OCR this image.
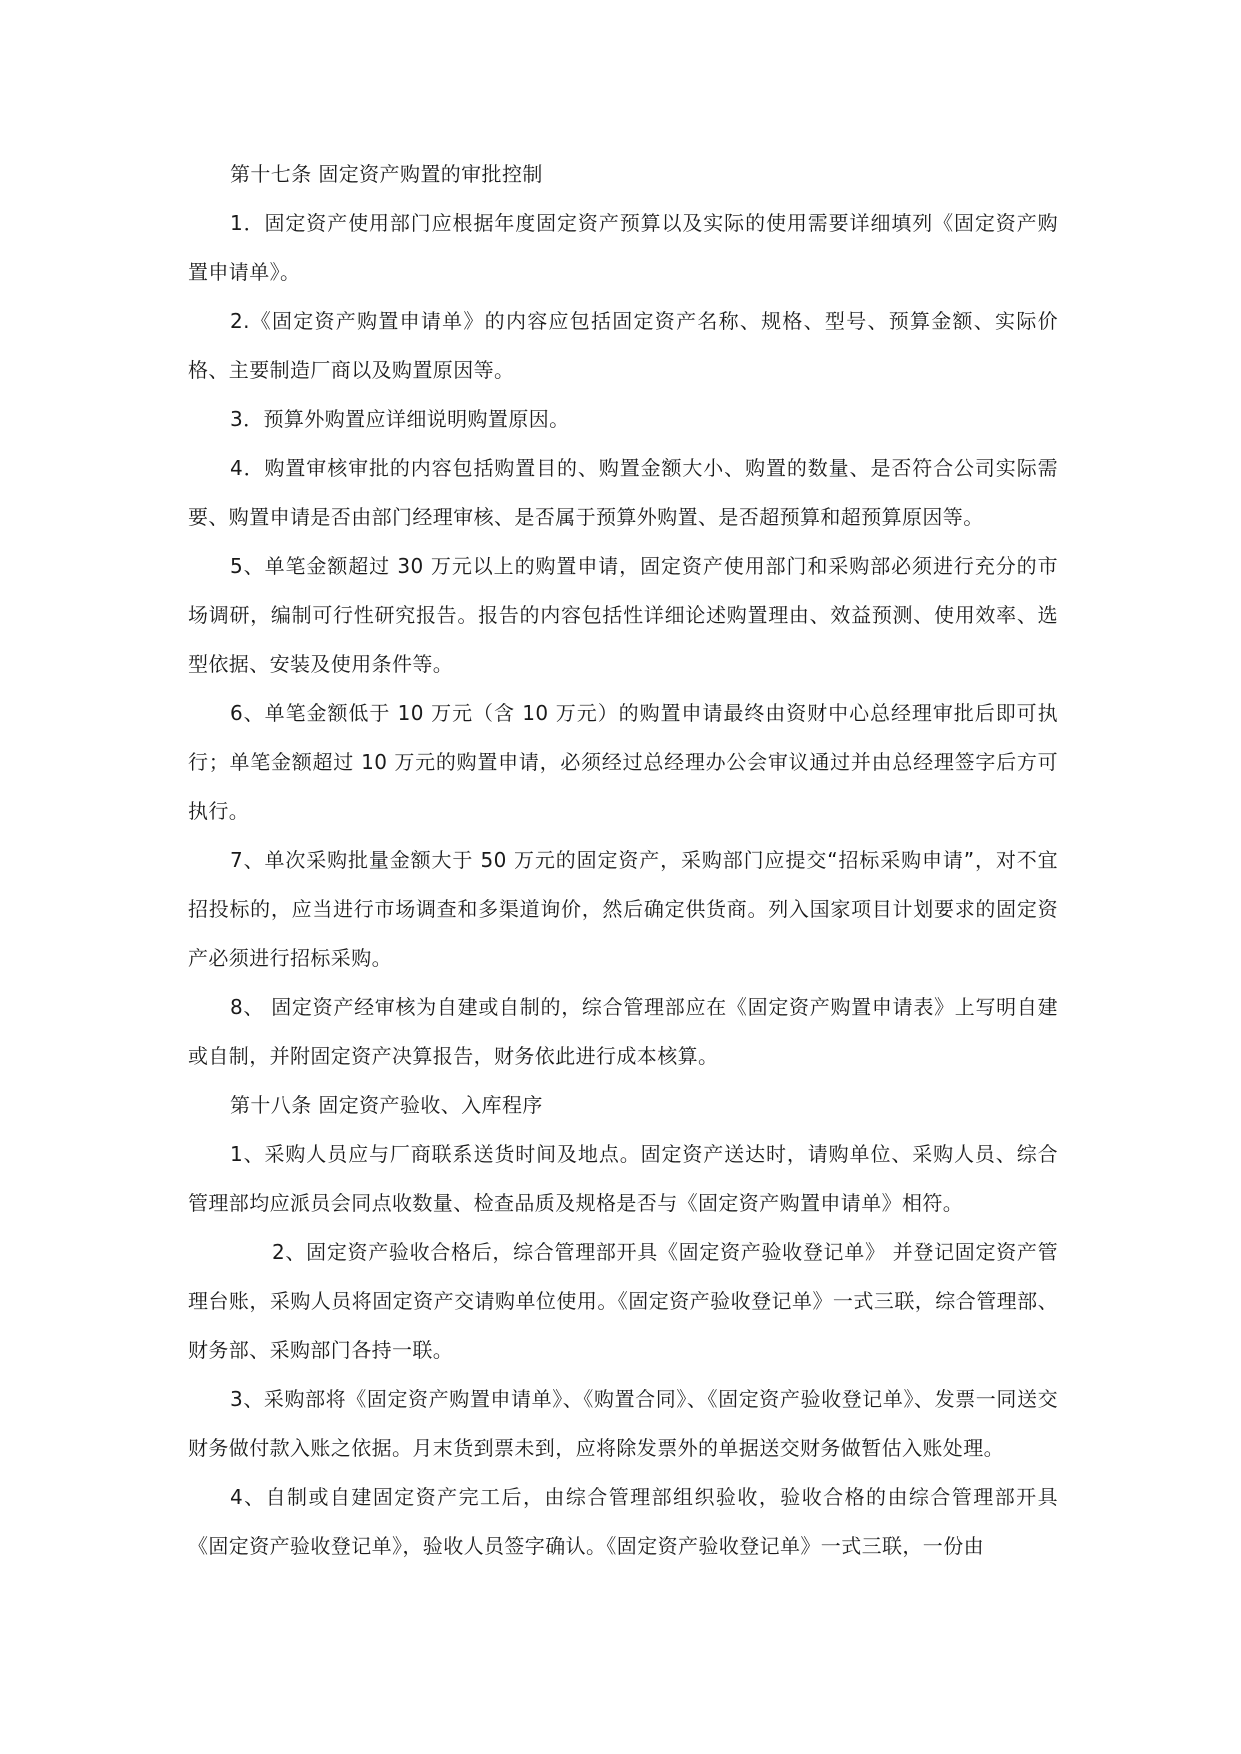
第十七条 固定资产购置的审批控制

1．固定资产使用部门应根据年度固定资产预算以及实际的使用需要详细填列《固定资产购置申请单》。

2.《固定资产购置申请单》的内容应包括固定资产名称、规格、型号、预算金额、实际价格、主要制造厂商以及购置原因等。

3．预算外购置应详细说明购置原因。

4．购置审核审批的内容包括购置目的、购置金额大小、购置的数量、是否符合公司实际需要、购置申请是否由部门经理审核、是否属于预算外购置、是否超预算和超预算原因等。

5、单笔金额超过 30 万元以上的购置申请，固定资产使用部门和采购部必须进行充分的市场调研，编制可行性研究报告。报告的内容包括性详细论述购置理由、效益预测、使用效率、选型依据、安装及使用条件等。

6、单笔金额低于 10 万元（含 10 万元）的购置申请最终由资财中心总经理审批后即可执行；单笔金额超过 10 万元的购置申请，必须经过总经理办公会审议通过并由总经理签字后方可执行。

7、单次采购批量金额大于 50 万元的固定资产，采购部门应提交“招标采购申请”，对不宜招投标的，应当进行市场调查和多渠道询价，然后确定供货商。列入国家项目计划要求的固定资产必须进行招标采购。

8、 固定资产经审核为自建或自制的，综合管理部应在《固定资产购置申请表》上写明自建或自制，并附固定资产决算报告，财务依此进行成本核算。

第十八条 固定资产验收、入库程序

1、采购人员应与厂商联系送货时间及地点。固定资产送达时，请购单位、采购人员、综合管理部均应派员会同点收数量、检查品质及规格是否与《固定资产购置申请单》相符。

2、固定资产验收合格后，综合管理部开具《固定资产验收登记单》 并登记固定资产管理台账，采购人员将固定资产交请购单位使用。《固定资产验收登记单》一式三联，综合管理部、财务部、采购部门各持一联。

3、采购部将《固定资产购置申请单》、《购置合同》、《固定资产验收登记单》、发票一同送交财务做付款入账之依据。月末货到票未到，应将除发票外的单据送交财务做暂估入账处理。

4、自制或自建固定资产完工后，由综合管理部组织验收，验收合格的由综合管理部开具《固定资产验收登记单》，验收人员签字确认。《固定资产验收登记单》一式三联，一份由
